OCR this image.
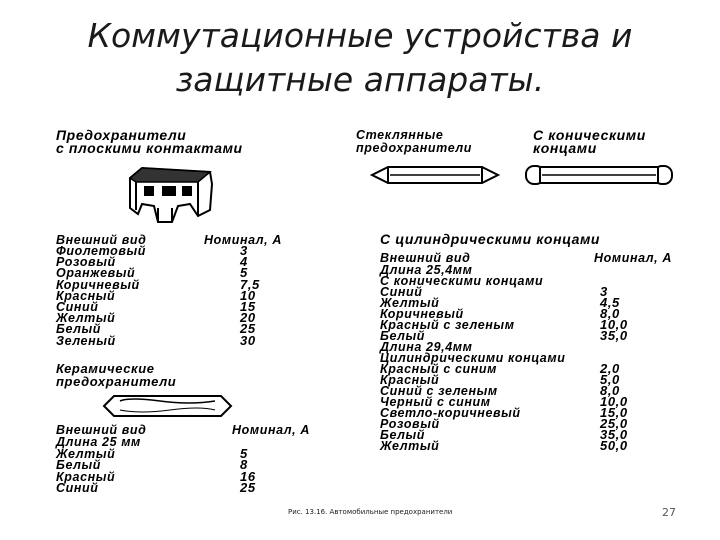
Коммутационные устройства и
защитные аппараты.
Предохранители
с плоскими контактами
Стеклянные
предохранители
С коническими
концами
Внешний вид	Номинал, А
Фиолетовый	3
Розовый	4
Оранжевый	5
Коричневый	7,5
Красный	10
Синий	15
Желтый	20
Белый	25
Зеленый	30
Керамические
предохранители
Внешний вид	Номинал, А
Длина 25 мм
Желтый	5
Белый	8
Красный	16
Синий	25
С цилиндрическими концами
Внешний вид	Номинал, А
Длина 25,4мм
С коническими концами
Синий	3
Желтый	4,5
Коричневый	8,0
Красный с зеленым	10,0
Белый	35,0
Длина 29,4мм
Цилиндрическими концами
Красный с синим	2,0
Красный	5,0
Синий с зеленым	8,0
Черный с синим	10,0
Светло-коричневый	15,0
Розовый	25,0
Белый	35,0
Желтый	50,0
Рис. 13.16. Автомобильные предохранители	27
